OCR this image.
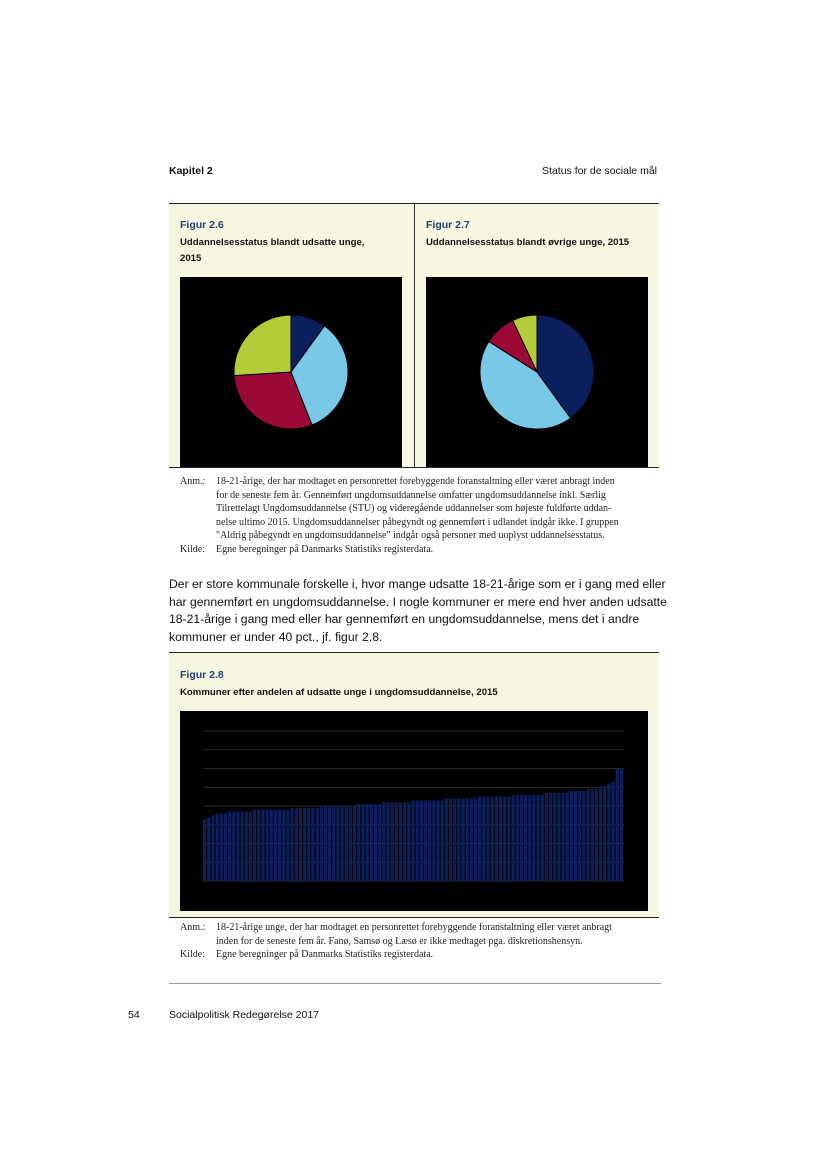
Kapitel 2	Status for de sociale mål
Figur 2.6
Uddannelsesstatus blandt udsatte unge,
2015
Figur 2.7
Uddannelsesstatus blandt øvrige unge, 2015
Anm.:	18-21-årige, der har modtaget en personrettet forebyggende foranstaltning eller været anbragt inden
for de seneste fem år. Gennemført ungdomsuddannelse omfatter ungdomsuddannelse inkl. Særlig
Tilrettelagt Ungdomsuddannelse (STU) og videregående uddannelser som højeste fuldførte uddan-
nelse ultimo 2015. Ungdomsuddannelser påbegyndt og gennemført i udlandet indgår ikke. I gruppen
"Aldrig påbegyndt en ungdomsuddannelse" indgår også personer med uoplyst uddannelsesstatus.
Kilde:	Egne beregninger på Danmarks Statistiks registerdata.
Der er store kommunale forskelle i, hvor mange udsatte 18-21-årige som er i gang med eller har gennemført en ungdomsuddannelse. I nogle kommuner er mere end hver anden udsatte 18-21-årige i gang med eller har gennemført en ungdomsuddannelse, mens det i andre kommuner er under 40 pct., jf. figur 2.8.
Figur 2.8
Kommuner efter andelen af udsatte unge i ungdomsuddannelse, 2015
Anm.:	18-21-årige unge, der har modtaget en personrettet forebyggende foranstaltning eller været anbragt
inden for de seneste fem år. Fanø, Samsø og Læsø er ikke medtaget pga. diskretionshensyn.
Kilde:	Egne beregninger på Danmarks Statistiks registerdata.
54	Socialpolitisk Redegørelse 2017
